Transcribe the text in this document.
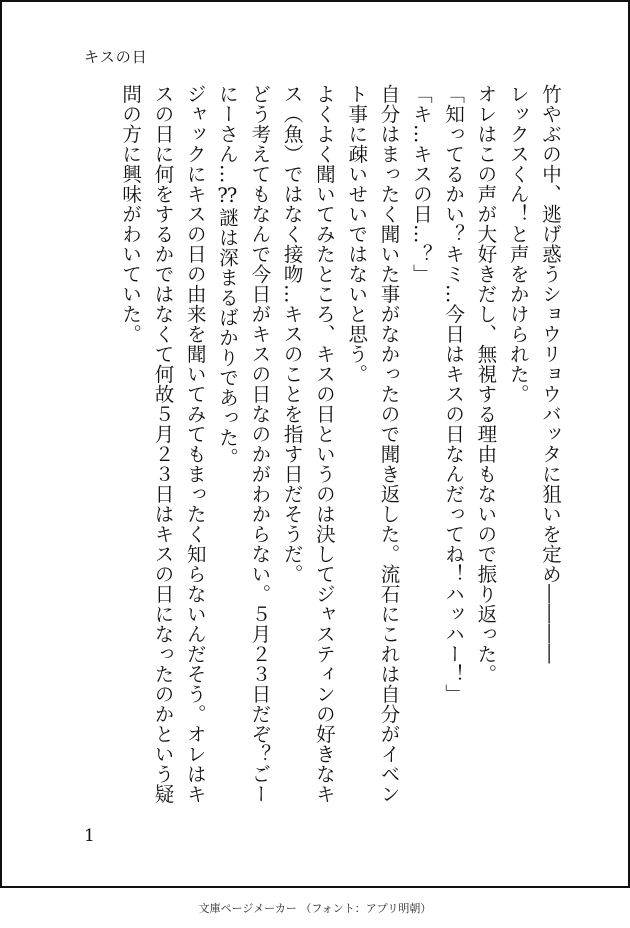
キスの日

竹やぶの中、逃げ惑うショウリョウバッタに狙いを定め――――

レックスくん！と声をかけられた。

オレはこの声が大好きだし、無視する理由もないので振り返った。

「知ってるかい？キミ…今日はキスの日なんだってね！ハッハー！」

「キ…キスの日…？」

自分はまったく聞いた事がなかったので聞き返した。流石にこれは自分がイベン

ト事に疎いせいではないと思う。

よくよく聞いてみたところ、キスの日というのは決してジャスティンの好きなキ

ス（魚）ではなく接吻…キスのことを指す日だそうだ。

どう考えてもなんで今日がキスの日なのかがわからない。５月２３日だぞ？ごー

にーさん…⁇謎は深まるばかりであった。

ジャックにキスの日の由来を聞いてみてもまったく知らないんだそう。オレはキ

スの日に何をするかではなくて何故５月２３日はキスの日になったのかという疑

問の方に興味がわいていた。

1
文庫ページメーカー （フォント：アプリ明朝）
